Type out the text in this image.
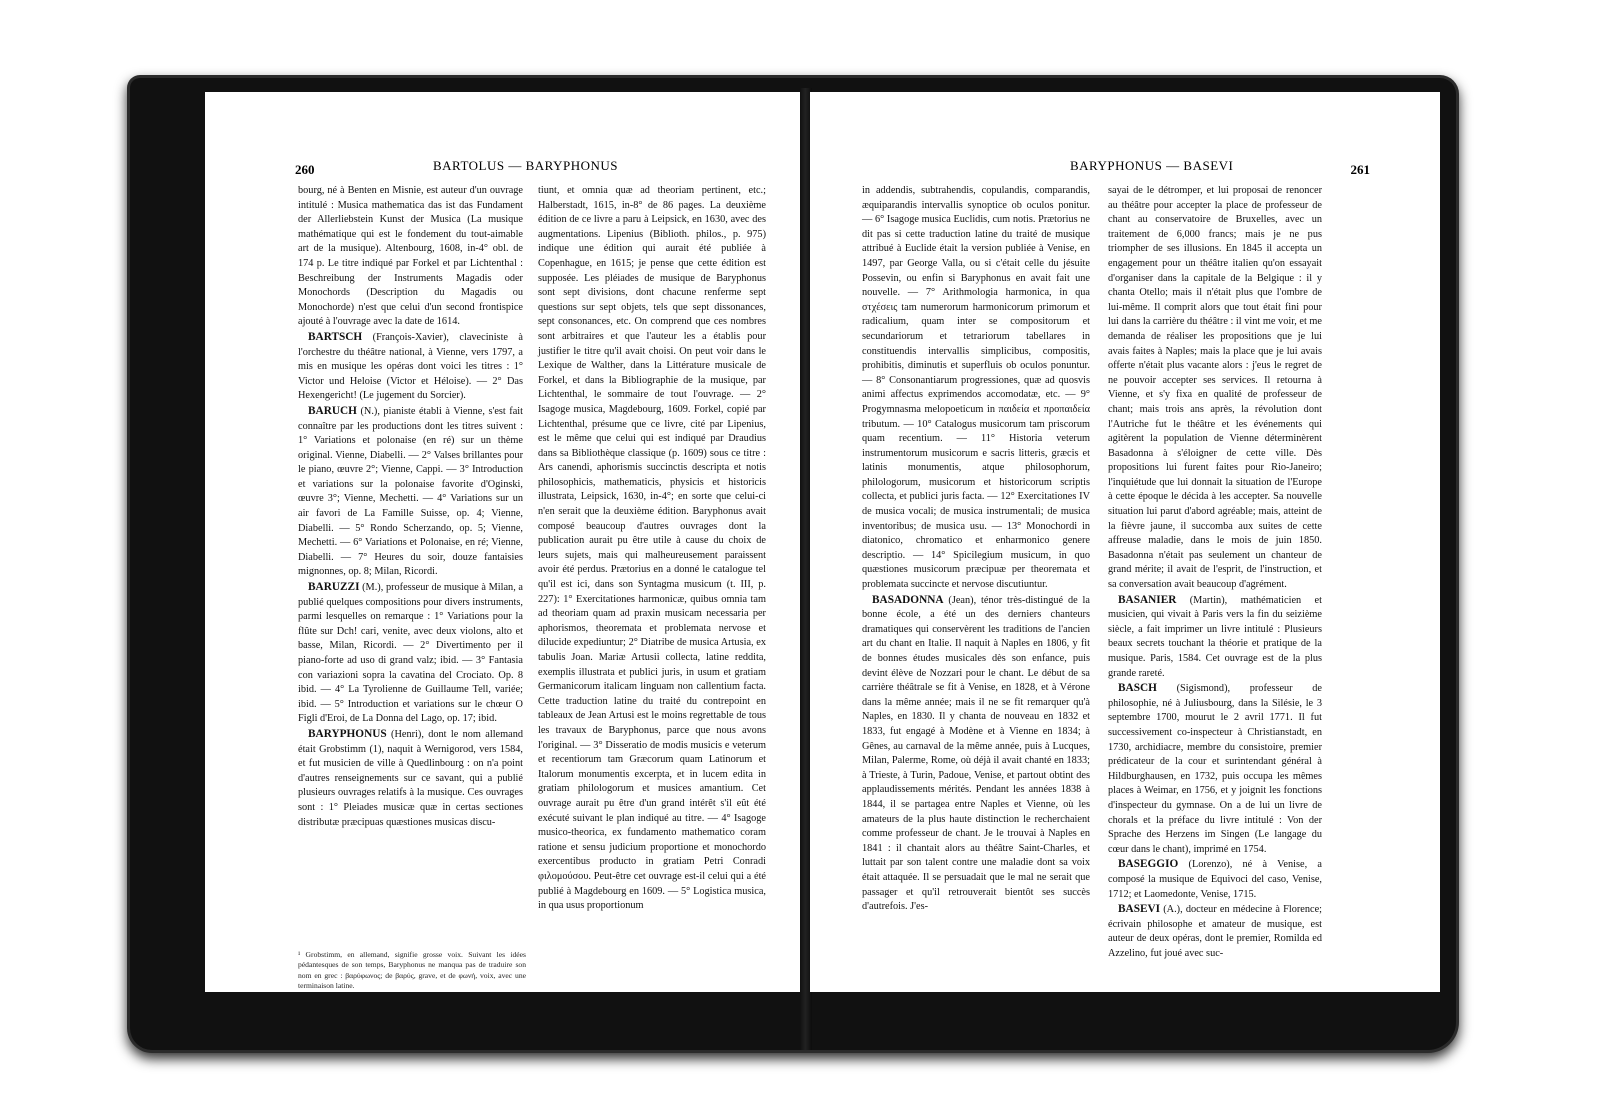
260	BARTOLUS — BARYPHONUS

bourg, né à Benten en Misnie, est auteur d'un ouvrage intitulé : Musica mathematica das ist das Fundament der Allerliebstein Kunst der Musica (La musique mathématique qui est le fondement du tout-aimable art de la musique). Altenbourg, 1608, in-4° obl. de 174 p. Le titre indiqué par Forkel et par Lichtenthal : Beschreibung der Instruments Magadis oder Monochords (Description du Magadis ou Monochorde) n'est que celui d'un second frontispice ajouté à l'ouvrage avec la date de 1614.

BARTSCH (François-Xavier), claveciniste à l'orchestre du théâtre national, à Vienne, vers 1797, a mis en musique les opéras dont voici les titres : 1° Victor und Heloise (Victor et Héloise). — 2° Das Hexengericht! (Le jugement du Sorcier).

BARUCH (N.), pianiste établi à Vienne, s'est fait connaître par les productions dont les titres suivent : 1° Variations et polonaise (en ré) sur un thème original. Vienne, Diabelli. — 2° Valses brillantes pour le piano, œuvre 2°; Vienne, Cappi. — 3° Introduction et variations sur la polonaise favorite d'Oginski, œuvre 3°; Vienne, Mechetti. — 4° Variations sur un air favori de La Famille Suisse, op. 4; Vienne, Diabelli. — 5° Rondo Scherzando, op. 5; Vienne, Mechetti. — 6° Variations et Polonaise, en ré; Vienne, Diabelli. — 7° Heures du soir, douze fantaisies mignonnes, op. 8; Milan, Ricordi.

BARUZZI (M.), professeur de musique à Milan, a publié quelques compositions pour divers instruments, parmi lesquelles on remarque : 1° Variations pour la flûte sur Dch! cari, venite, avec deux violons, alto et basse, Milan, Ricordi. — 2° Divertimento per il piano-forte ad uso di grand valz; ibid. — 3° Fantasia con variazioni sopra la cavatina del Crociato. Op. 8 ibid. — 4° La Tyrolienne de Guillaume Tell, variée; ibid. — 5° Introduction et variations sur le chœur O Figli d'Eroi, de La Donna del Lago, op. 17; ibid.

BARYPHONUS (Henri), dont le nom allemand était Grobstimm (1), naquit à Wernigorod, vers 1584, et fut musicien de ville à Quedlinbourg : on n'a point d'autres renseignements sur ce savant, qui a publié plusieurs ouvrages relatifs à la musique. Ces ouvrages sont : 1° Pleiades musicæ quæ in certas sectiones distributæ præcipuas quæstiones musicas discu-

tiunt, et omnia quæ ad theoriam pertinent, etc.; Halberstadt, 1615, in-8° de 86 pages. La deuxième édition de ce livre a paru à Leipsick, en 1630, avec des augmentations. Lipenius (Biblioth. philos., p. 975) indique une édition qui aurait été publiée à Copenhague, en 1615; je pense que cette édition est supposée. Les pléiades de musique de Baryphonus sont sept divisions, dont chacune renferme sept questions sur sept objets, tels que sept dissonances, sept consonances, etc. On comprend que ces nombres sont arbitraires et que l'auteur les a établis pour justifier le titre qu'il avait choisi. On peut voir dans le Lexique de Walther, dans la Littérature musicale de Forkel, et dans la Bibliographie de la musique, par Lichtenthal, le sommaire de tout l'ouvrage. — 2° Isagoge musica, Magdebourg, 1609. Forkel, copié par Lichtenthal, présume que ce livre, cité par Lipenius, est le même que celui qui est indiqué par Draudius dans sa Bibliothèque classique (p. 1609) sous ce titre : Ars canendi, aphorismis succinctis descripta et notis philosophicis, mathematicis, physicis et historicis illustrata, Leipsick, 1630, in-4°; en sorte que celui-ci n'en serait que la deuxième édition. Baryphonus avait composé beaucoup d'autres ouvrages dont la publication aurait pu être utile à cause du choix de leurs sujets, mais qui malheureusement paraissent avoir été perdus. Prætorius en a donné le catalogue tel qu'il est ici, dans son Syntagma musicum (t. III, p. 227): 1° Exercitationes harmonicæ, quibus omnia tam ad theoriam quam ad praxin musicam necessaria per aphorismos, theoremata et problemata nervose et dilucide expediuntur; 2° Diatribe de musica Artusia, ex tabulis Joan. Mariæ Artusii collecta, latine reddita, exemplis illustrata et publici juris, in usum et gratiam Germanicorum italicam linguam non callentium facta. Cette traduction latine du traité du contrepoint en tableaux de Jean Artusi est le moins regrettable de tous les travaux de Baryphonus, parce que nous avons l'original. — 3° Disseratio de modis musicis e veterum et recentiorum tam Græcorum quam Latinorum et Italorum monumentis excerpta, et in lucem edita in gratiam philologorum et musices amantium. Cet ouvrage aurait pu être d'un grand intérêt s'il eût été exécuté suivant le plan indiqué au titre. — 4° Isagoge musico-theorica, ex fundamento mathematico coram ratione et sensu judicium proportione et monochordo exercentibus producto in gratiam Petri Conradi φιλομούσου. Peut-être cet ouvrage est-il celui qui a été publié à Magdebourg en 1609. — 5° Logistica musica, in qua usus proportionum

¹ Grobstimm, en allemand, signifie grosse voix. Suivant les idées pédantesques de son temps, Baryphonus ne manqua pas de traduire son nom en grec : βαρύφωνος; de βαρύς, grave, et de φωνή, voix, avec une terminaison latine.
BARYPHONUS — BASEVI	261

in addendis, subtrahendis, copulandis, comparandis, æquiparandis intervallis synoptice ob oculos ponitur. — 6° Isagoge musica Euclidis, cum notis. Prætorius ne dit pas si cette traduction latine du traité de musique attribué à Euclide était la version publiée à Venise, en 1497, par George Valla, ou si c'était celle du jésuite Possevin, ou enfin si Baryphonus en avait fait une nouvelle. — 7° Arithmologia harmonica, in qua στχέσεις tam numerorum harmonicorum primorum et radicalium, quam inter se compositorum et secundariorum et tetrariorum tabellares in constituendis intervallis simplicibus, compositis, prohibitis, diminutis et superfluis ob oculos ponuntur. — 8° Consonantiarum progressiones, quæ ad quosvis animi affectus exprimendos accomodatæ, etc. — 9° Progymnasma melopoeticum in παιδεία et προπαιδεία tributum. — 10° Catalogus musicorum tam priscorum quam recentium. — 11° Historia veterum instrumentorum musicorum e sacris litteris, græcis et latinis monumentis, atque philosophorum, philologorum, musicorum et historicorum scriptis collecta, et publici juris facta. — 12° Exercitationes IV de musica vocali; de musica instrumentali; de musica inventoribus; de musica usu. — 13° Monochordi in diatonico, chromatico et enharmonico genere descriptio. — 14° Spicilegium musicum, in quo quæstiones musicorum præcipuæ per theoremata et problemata succincte et nervose discutiuntur.

BASADONNA (Jean), ténor très-distingué de la bonne école, a été un des derniers chanteurs dramatiques qui conservèrent les traditions de l'ancien art du chant en Italie. Il naquit à Naples en 1806, y fit de bonnes études musicales dès son enfance, puis devint élève de Nozzari pour le chant. Le début de sa carrière théâtrale se fit à Venise, en 1828, et à Vérone dans la même année; mais il ne se fit remarquer qu'à Naples, en 1830. Il y chanta de nouveau en 1832 et 1833, fut engagé à Modène et à Vienne en 1834; à Gênes, au carnaval de la même année, puis à Lucques, Milan, Palerme, Rome, où déjà il avait chanté en 1833; à Trieste, à Turin, Padoue, Venise, et partout obtint des applaudissements mérités. Pendant les années 1838 à 1844, il se partagea entre Naples et Vienne, où les amateurs de la plus haute distinction le recherchaient comme professeur de chant. Je le trouvai à Naples en 1841 : il chantait alors au théâtre Saint-Charles, et luttait par son talent contre une maladie dont sa voix était attaquée. Il se persuadait que le mal ne serait que passager et qu'il retrouverait bientôt ses succès d'autrefois. J'es-

sayai de le détromper, et lui proposai de renoncer au théâtre pour accepter la place de professeur de chant au conservatoire de Bruxelles, avec un traitement de 6,000 francs; mais je ne pus triompher de ses illusions. En 1845 il accepta un engagement pour un théâtre italien qu'on essayait d'organiser dans la capitale de la Belgique : il y chanta Otello; mais il n'était plus que l'ombre de lui-même. Il comprit alors que tout était fini pour lui dans la carrière du théâtre : il vint me voir, et me demanda de réaliser les propositions que je lui avais faites à Naples; mais la place que je lui avais offerte n'était plus vacante alors : j'eus le regret de ne pouvoir accepter ses services. Il retourna à Vienne, et s'y fixa en qualité de professeur de chant; mais trois ans après, la révolution dont l'Autriche fut le théâtre et les événements qui agitèrent la population de Vienne déterminèrent Basadonna à s'éloigner de cette ville. Dès propositions lui furent faites pour Rio-Janeiro; l'inquiétude que lui donnait la situation de l'Europe à cette époque le décida à les accepter. Sa nouvelle situation lui parut d'abord agréable; mais, atteint de la fièvre jaune, il succomba aux suites de cette affreuse maladie, dans le mois de juin 1850. Basadonna n'était pas seulement un chanteur de grand mérite; il avait de l'esprit, de l'instruction, et sa conversation avait beaucoup d'agrément.

BASANIER (Martin), mathématicien et musicien, qui vivait à Paris vers la fin du seizième siècle, a fait imprimer un livre intitulé : Plusieurs beaux secrets touchant la théorie et pratique de la musique. Paris, 1584. Cet ouvrage est de la plus grande rareté.

BASCH (Sigismond), professeur de philosophie, né à Juliusbourg, dans la Silésie, le 3 septembre 1700, mourut le 2 avril 1771. Il fut successivement co-inspecteur à Christianstadt, en 1730, archidiacre, membre du consistoire, premier prédicateur de la cour et surintendant général à Hildburghausen, en 1732, puis occupa les mêmes places à Weimar, en 1756, et y joignit les fonctions d'inspecteur du gymnase. On a de lui un livre de chorals et la préface du livre intitulé : Von der Sprache des Herzens im Singen (Le langage du cœur dans le chant), imprimé en 1754.

BASEGGIO (Lorenzo), né à Venise, a composé la musique de Equivoci del caso, Venise, 1712; et Laomedonte, Venise, 1715.

BASEVI (A.), docteur en médecine à Florence; écrivain philosophe et amateur de musique, est auteur de deux opéras, dont le premier, Romilda ed Azzelino, fut joué avec suc-
